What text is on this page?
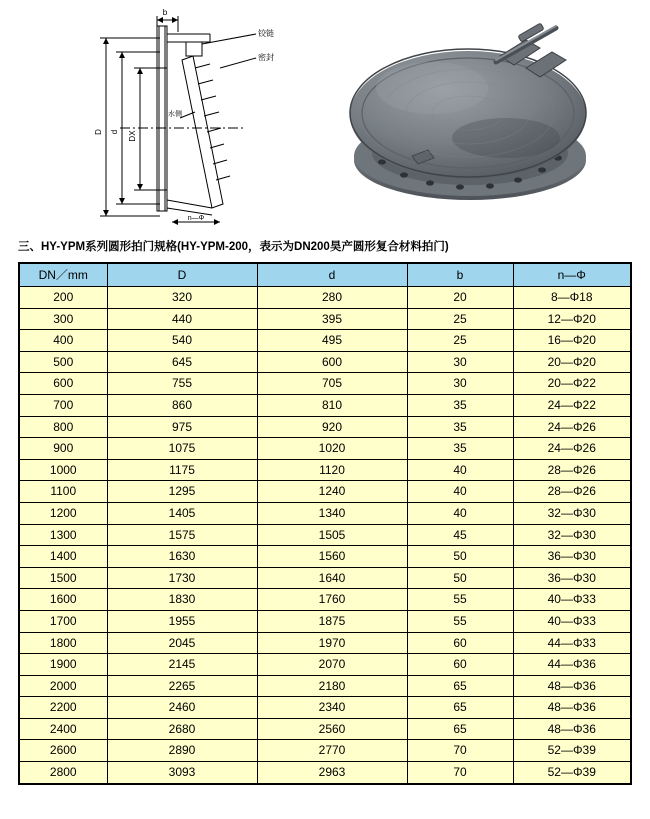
D d DX
b
铰链
密封
水侧
n—Φ
三、HY-YPM系列圆形拍门规格(HY-YPM-200，表示为DN200昊产圆形复合材料拍门)
DN／mm	D	d	b	n—Φ
200	320	280	20	8—Φ18
300	440	395	25	12—Φ20
400	540	495	25	16—Φ20
500	645	600	30	20—Φ20
600	755	705	30	20—Φ22
700	860	810	35	24—Φ22
800	975	920	35	24—Φ26
900	1075	1020	35	24—Φ26
1000	1175	1120	40	28—Φ26
1100	1295	1240	40	28—Φ26
1200	1405	1340	40	32—Φ30
1300	1575	1505	45	32—Φ30
1400	1630	1560	50	36—Φ30
1500	1730	1640	50	36—Φ30
1600	1830	1760	55	40—Φ33
1700	1955	1875	55	40—Φ33
1800	2045	1970	60	44—Φ33
1900	2145	2070	60	44—Φ36
2000	2265	2180	65	48—Φ36
2200	2460	2340	65	48—Φ36
2400	2680	2560	65	48—Φ36
2600	2890	2770	70	52—Φ39
2800	3093	2963	70	52—Φ39
